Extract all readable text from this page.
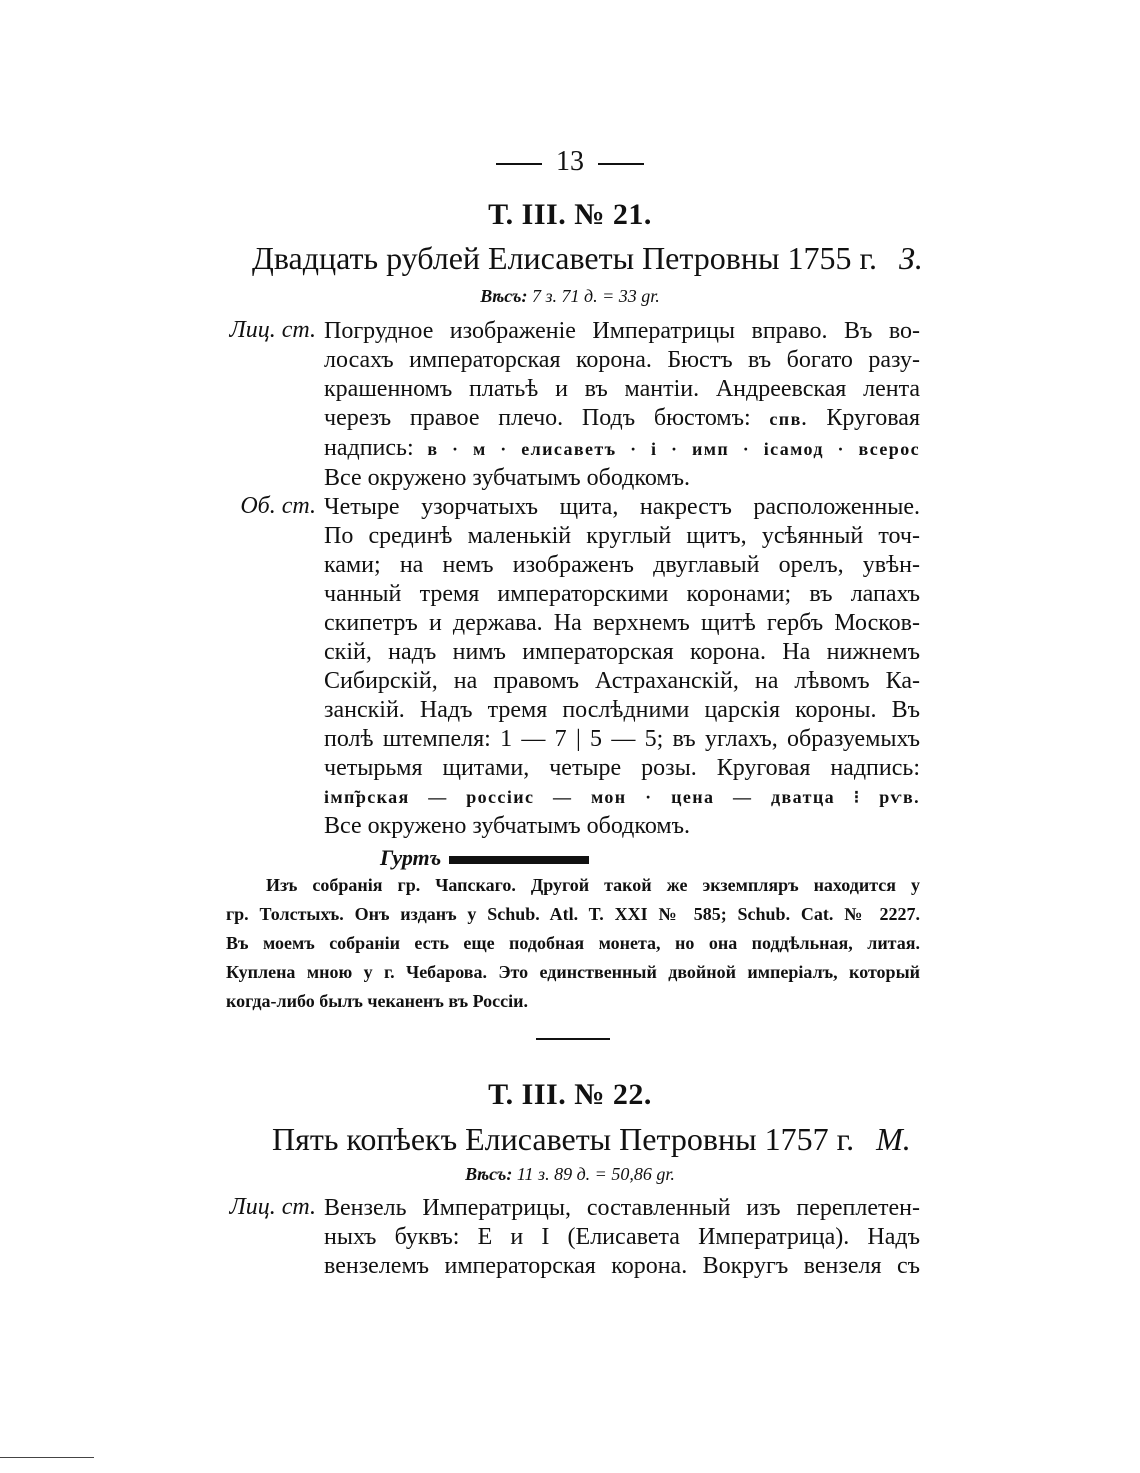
13
Т. III. № 21.
Двадцать рублей Елисаветы Петровны 1755 г. З.
Вѣсъ: 7 з. 71 д. = 33 gr.
Лиц. ст. Погрудное изображеніе Императрицы вправо. Въ во-
лосахъ императорская корона. Бюстъ въ богато разу-
крашенномъ платьѣ и въ мантіи. Андреевская лента
черезъ правое плечо. Подъ бюстомъ: спв. Круговая
надпись: в · м · елисаветъ · і · имп · ісамод · всерос
Все окружено зубчатымъ ободкомъ.
Об. ст. Четыре узорчатыхъ щита, накрестъ расположенные.
По срединѣ маленькій круглый щитъ, усѣянный точ-
ками; на немъ изображенъ двуглавый орелъ, увѣн-
чанный тремя императорскими коронами; въ лапахъ
скипетръ и держава. На верхнемъ щитѣ гербъ Москов-
скій, надъ нимъ императорская корона. На нижнемъ
Сибирскій, на правомъ Астраханскій, на лѣвомъ Ка-
занскій. Надъ тремя послѣдними царскія короны. Въ
полѣ штемпеля: 1 — 7 | 5 — 5; въ углахъ, образуемыхъ
четырьмя щитами, четыре розы. Круговая надпись:
імп̃рская — россіис — мон · цена — дватца ⁝ рѵв.
Все окружено зубчатымъ ободкомъ.
Гуртъ
Изъ собранія гр. Чапскаго. Другой такой же экземпляръ находится у
гр. Толстыхъ. Онъ изданъ у Schub. Atl. T. XXI № 585; Schub. Cat. № 2227.
Въ моемъ собраніи есть еще подобная монета, но она поддѣльная, литая.
Куплена мною у г. Чебарова. Это единственный двойной имперіалъ, который
когда-либо былъ чеканенъ въ Россіи.
Т. III. № 22.
Пять копѣекъ Елисаветы Петровны 1757 г. М.
Вѣсъ: 11 з. 89 д. = 50,86 gr.
Лиц. ст. Вензель Императрицы, составленный изъ переплетен-
ныхъ буквъ: Е и І (Елисавета Императрица). Надъ
вензелемъ императорская корона. Вокругъ вензеля съ
